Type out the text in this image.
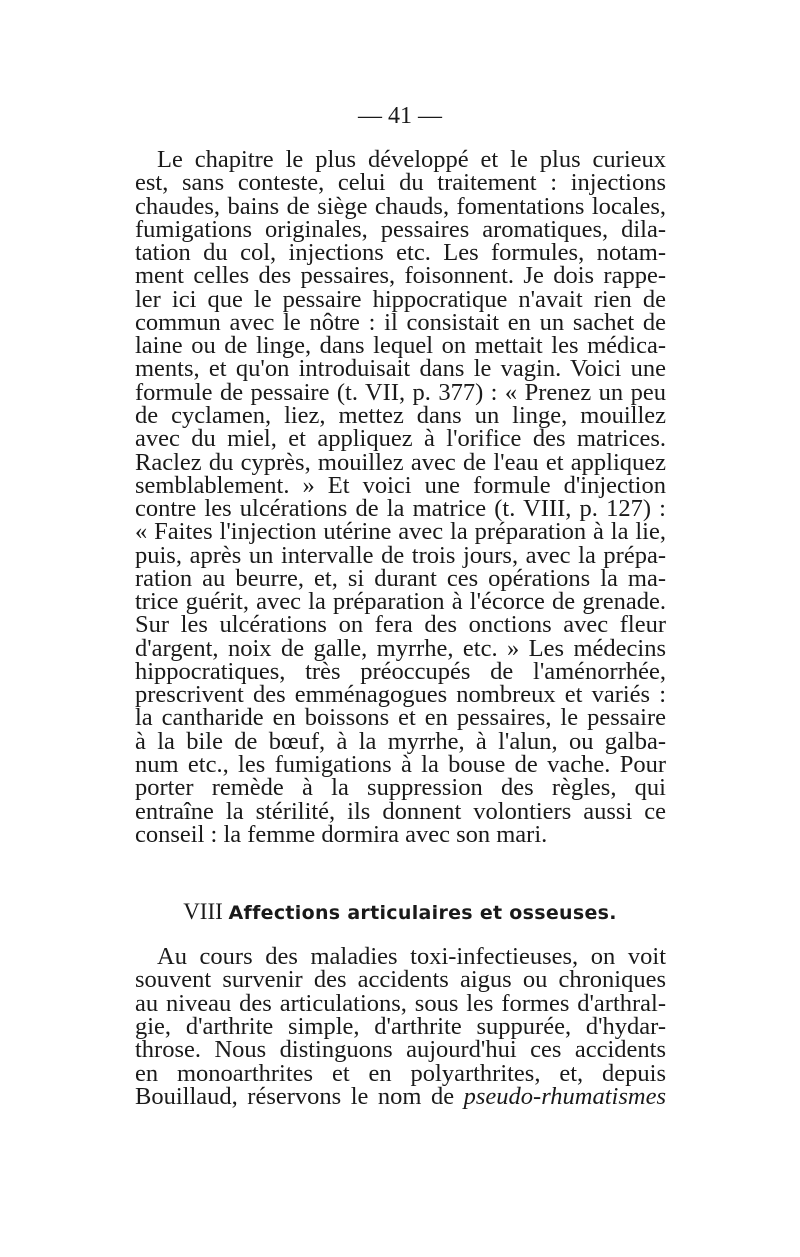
— 41 —
Le chapitre le plus développé et le plus curieux
est, sans conteste, celui du traitement : injections
chaudes, bains de siège chauds, fomentations locales,
fumigations originales, pessaires aromatiques, dila-
tation du col, injections etc. Les formules, notam-
ment celles des pessaires, foisonnent. Je dois rappe-
ler ici que le pessaire hippocratique n'avait rien de
commun avec le nôtre : il consistait en un sachet de
laine ou de linge, dans lequel on mettait les médica-
ments, et qu'on introduisait dans le vagin. Voici une
formule de pessaire (t. VII, p. 377) : « Prenez un peu
de cyclamen, liez, mettez dans un linge, mouillez
avec du miel, et appliquez à l'orifice des matrices.
Raclez du cyprès, mouillez avec de l'eau et appliquez
semblablement. » Et voici une formule d'injection
contre les ulcérations de la matrice (t. VIII, p. 127) :
« Faites l'injection utérine avec la préparation à la lie,
puis, après un intervalle de trois jours, avec la prépa-
ration au beurre, et, si durant ces opérations la ma-
trice guérit, avec la préparation à l'écorce de grenade.
Sur les ulcérations on fera des onctions avec fleur
d'argent, noix de galle, myrrhe, etc. » Les médecins
hippocratiques, très préoccupés de l'aménorrhée,
prescrivent des emménagogues nombreux et variés :
la cantharide en boissons et en pessaires, le pessaire
à la bile de bœuf, à la myrrhe, à l'alun, ou galba-
num etc., les fumigations à la bouse de vache. Pour
porter remède à la suppression des règles, qui
entraîne la stérilité, ils donnent volontiers aussi ce
conseil : la femme dormira avec son mari.
VIII Affections articulaires et osseuses.
Au cours des maladies toxi-infectieuses, on voit
souvent survenir des accidents aigus ou chroniques
au niveau des articulations, sous les formes d'arthral-
gie, d'arthrite simple, d'arthrite suppurée, d'hydar-
throse. Nous distinguons aujourd'hui ces accidents
en monoarthrites et en polyarthrites, et, depuis
Bouillaud, réservons le nom de pseudo-rhumatismes
